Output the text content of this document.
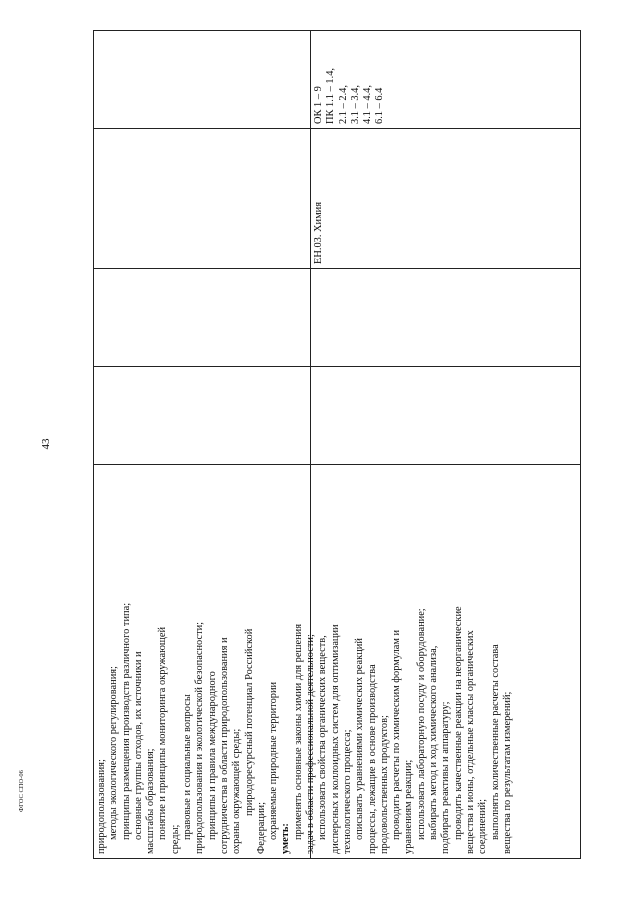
43
ФГОС СПО-06	природопользования; методы экологического регулирования; принципы размещения производств различного типа; основные группы отходов, их источники и масштабы образования; понятие и принципы мониторинга окружающей среды; правовые и социальные вопросы природопользования и экологической безопасности; принципы и правила международного сотрудничества в области природопользования и охраны окружающей среды; природоресурсный потенциал Российской
Федерации; охраняемые природные территории уметь: применять основные законы химии для решения задач в области профессиональной деятельности; использовать свойства органических веществ, дисперсных и коллоидных систем для оптимизации технологического процесса; описывать уравнениями химических реакций процессы, лежащие в основе производства продовольственных продуктов; проводить расчеты по химическим формулам и уравнениям реакции; использовать лабораторную посуду и оборудование; выбирать метод и ход химического анализа, подбирать реактивы и аппаратуру; проводить качественные реакции на неорганические вещества и ионы, отдельные классы органических соединений; выполнять количественные расчеты состава вещества по результатам измерений;
ЕН.03. Химия
ОК 1 – 9 ПК 1.1 – 1.4, 2.1 – 2.4, 3.1 – 3.4, 4.1 – 4.4, 6.1 – 6.4
